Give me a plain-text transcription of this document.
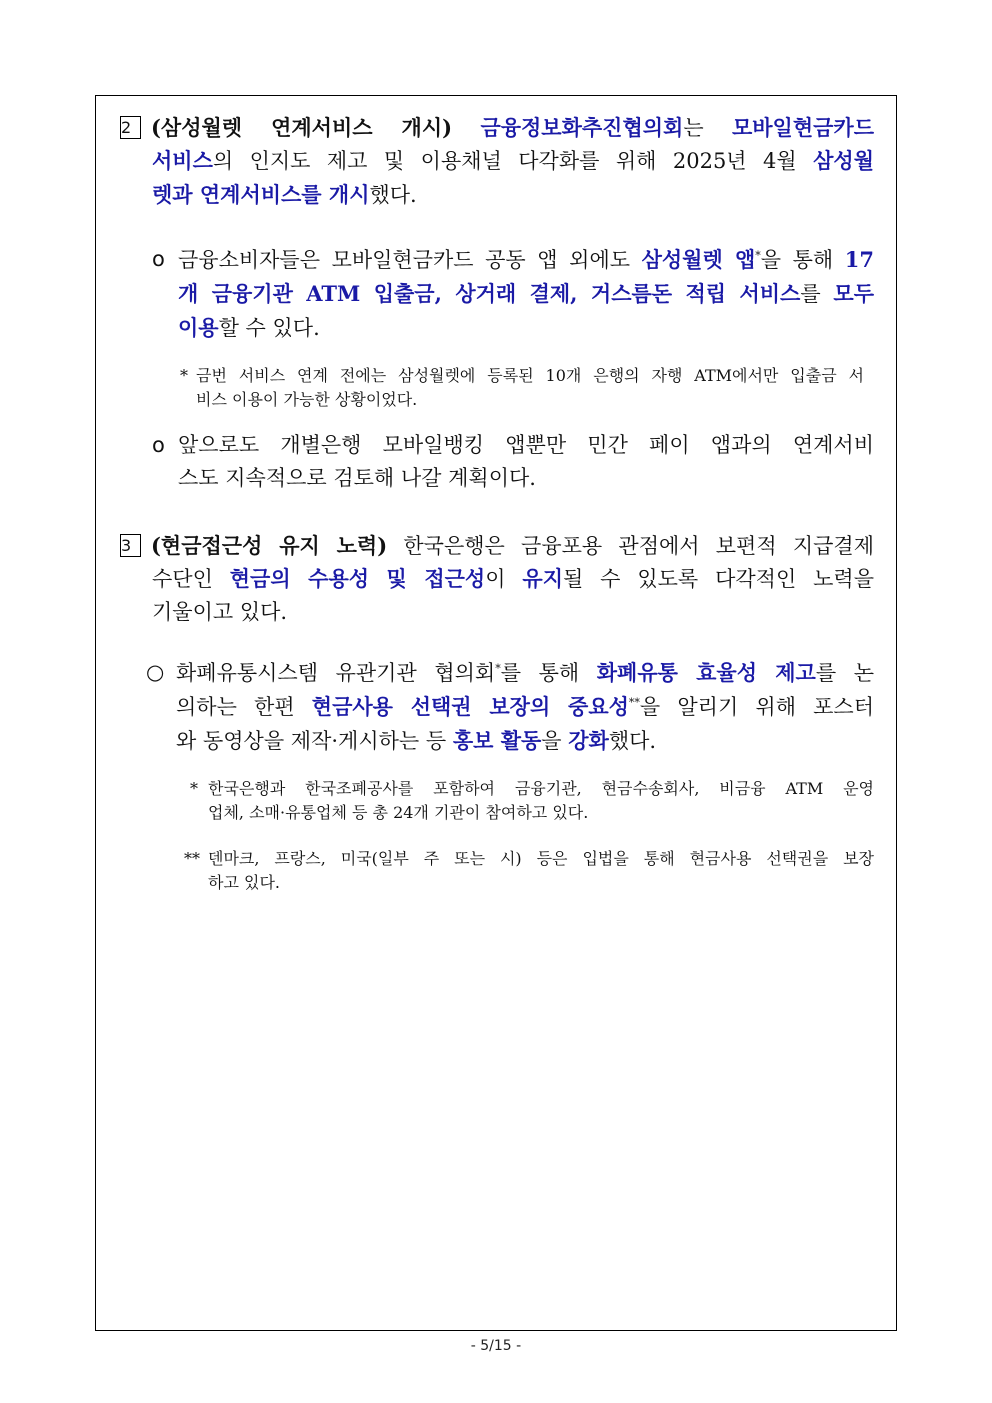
2 (삼성월렛 연계서비스 개시) 금융정보화추진협의회는 모바일현금카드
서비스의 인지도 제고 및 이용채널 다각화를 위해 2025년 4월 삼성월
렛과 연계서비스를 개시했다.
o 금융소비자들은 모바일현금카드 공동 앱 외에도 삼성월렛 앱*을 통해 17
개 금융기관 ATM 입출금, 상거래 결제, 거스름돈 적립 서비스를 모두
이용할 수 있다.
* 금번 서비스 연계 전에는 삼성월렛에 등록된 10개 은행의 자행 ATM에서만 입출금 서
비스 이용이 가능한 상황이었다.
o 앞으로도 개별은행 모바일뱅킹 앱뿐만 민간 페이 앱과의 연계서비
스도 지속적으로 검토해 나갈 계획이다.
3 (현금접근성 유지 노력) 한국은행은 금융포용 관점에서 보편적 지급결제
수단인 현금의 수용성 및 접근성이 유지될 수 있도록 다각적인 노력을
기울이고 있다.
○ 화폐유통시스템 유관기관 협의회*를 통해 화폐유통 효율성 제고를 논
의하는 한편 현금사용 선택권 보장의 중요성**을 알리기 위해 포스터
와 동영상을 제작·게시하는 등 홍보 활동을 강화했다.
* 한국은행과 한국조폐공사를 포함하여 금융기관, 현금수송회사, 비금융 ATM 운영
업체, 소매·유통업체 등 총 24개 기관이 참여하고 있다.
** 덴마크, 프랑스, 미국(일부 주 또는 시) 등은 입법을 통해 현금사용 선택권을 보장
하고 있다.
- 5/15 -
